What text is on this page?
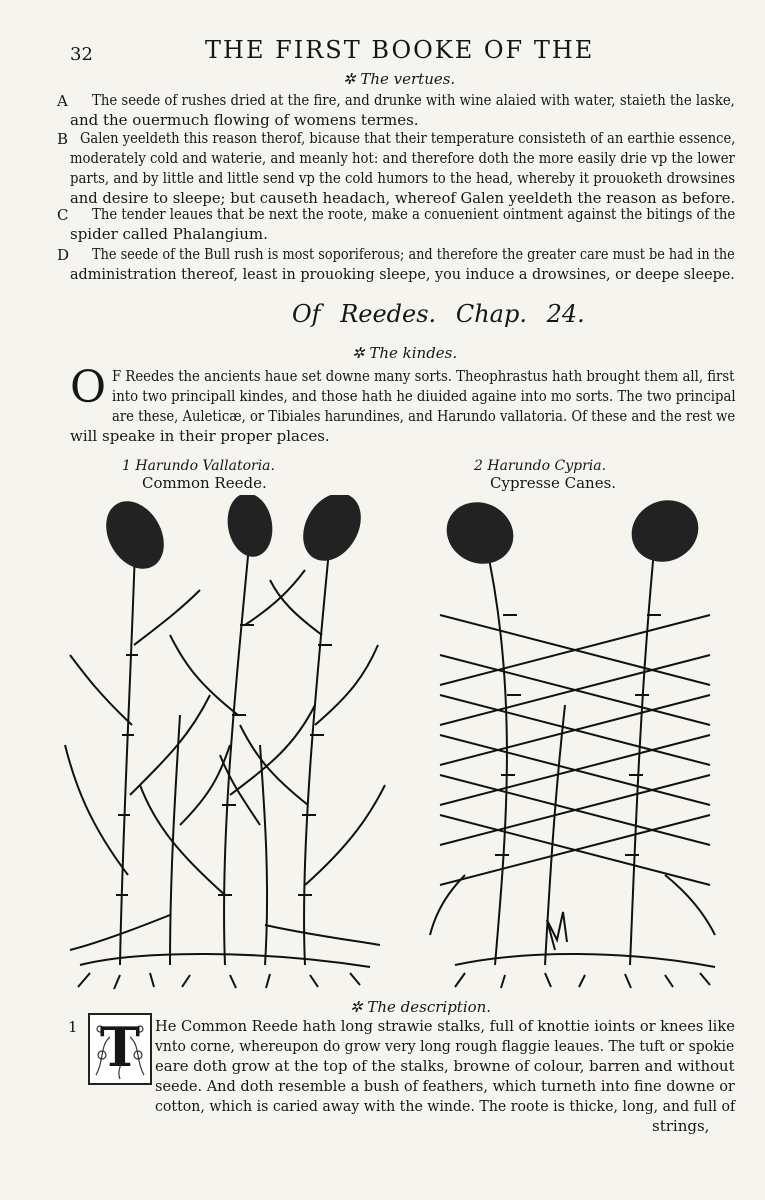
32	THE FIRST BOOKE OF THE
✲ The vertues.
A The seede of rushes dried at the fire, and drunke with wine alaied with water, staieth the laske,
and the ouermuch flowing of womens termes.
B Galen yeeldeth this reason therof, bicause that their temperature consisteth of an earthie essence,
moderately cold and waterie, and meanly hot: and therefore doth the more easily drie vp the lower
parts, and by little and little send vp the cold humors to the head, whereby it prouoketh drowsines
and desire to sleepe; but causeth headach, whereof Galen yeeldeth the reason as before.
C The tender leaues that be next the roote, make a conuenient ointment against the bitings of the
spider called Phalangium.
D The seede of the Bull rush is most soporiferous; and therefore the greater care must be had in the
administration thereof, least in prouoking sleepe, you induce a drowsines, or deepe sleepe.
Of Reedes. Chap. 24.
✲ The kindes.
O F Reedes the ancients haue set downe many sorts. Theophrastus hath brought them all, first
into two principall kindes, and those hath he diuided againe into mo sorts. The two principal
are these, Auleticæ, or Tibiales harundines, and Harundo vallatoria. Of these and the rest we
will speake in their proper places.
1 Harundo Vallatoria.
Common Reede.
2 Harundo Cypria.
Cypresse Canes.
✲ The description.
1 T He Common Reede hath long strawie stalks, full of knottie ioints or knees like
vnto corne, whereupon do grow very long rough flaggie leaues. The tuft or spokie
eare doth grow at the top of the stalks, browne of colour, barren and without
seede. And doth resemble a bush of feathers, which turneth into fine downe or
cotton, which is caried away with the winde. The roote is thicke, long, and full of
strings,
